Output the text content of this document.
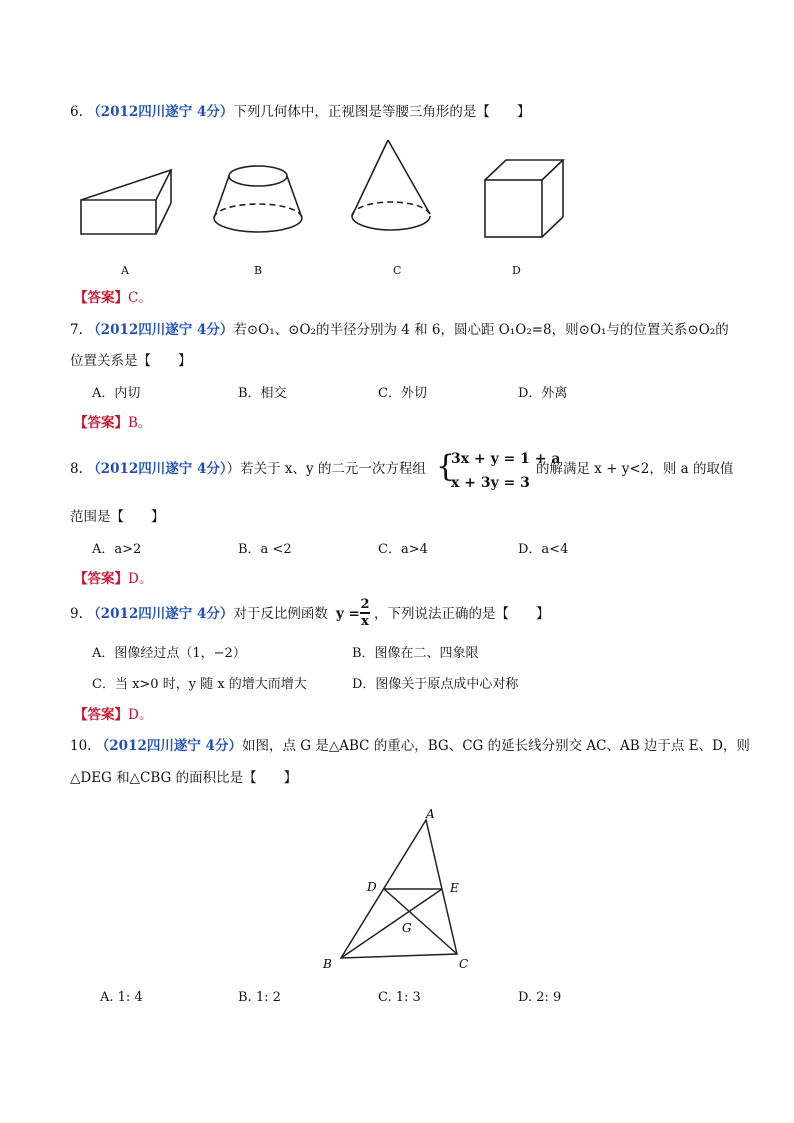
6. （2012四川遂宁 4分）下列几何体中，正视图是等腰三角形的是【　　】
A	B	C	D
【答案】C。
7. （2012四川遂宁 4分）若⊙O₁、⊙O₂的半径分别为 4 和 6，圆心距 O₁O₂=8，则⊙O₁与的位置关系⊙O₂的
位置关系是【　　】
A．内切	B．相交	C．外切	D．外离
【答案】B。
8. （2012四川遂宁 4分））若关于 x、y 的二元一次方程组 {
3x + y = 1 + a
x + 3y = 3
的解满足 x + y<2，则 a 的取值
范围是【　　】
A．a>2	B．a <2	C．a>4	D．a<4
【答案】D。
9. （2012四川遂宁 4分）对于反比例函数 $y = \frac{2}{x}$ ，下列说法正确的是【　　】
A．图像经过点（1，−2）	B．图像在二、四象限
C．当 x>0 时，y 随 x 的增大而增大	D．图像关于原点成中心对称
【答案】D。
10. （2012四川遂宁 4分）如图，点 G 是△ABC 的重心，BG、CG 的延长线分别交 AC、AB 边于点 E、D，则
△DEG 和△CBG 的面积比是【　　】
A
B	C
D	E
G
A. 1: 4	B. 1: 2	C. 1: 3	D. 2: 9
